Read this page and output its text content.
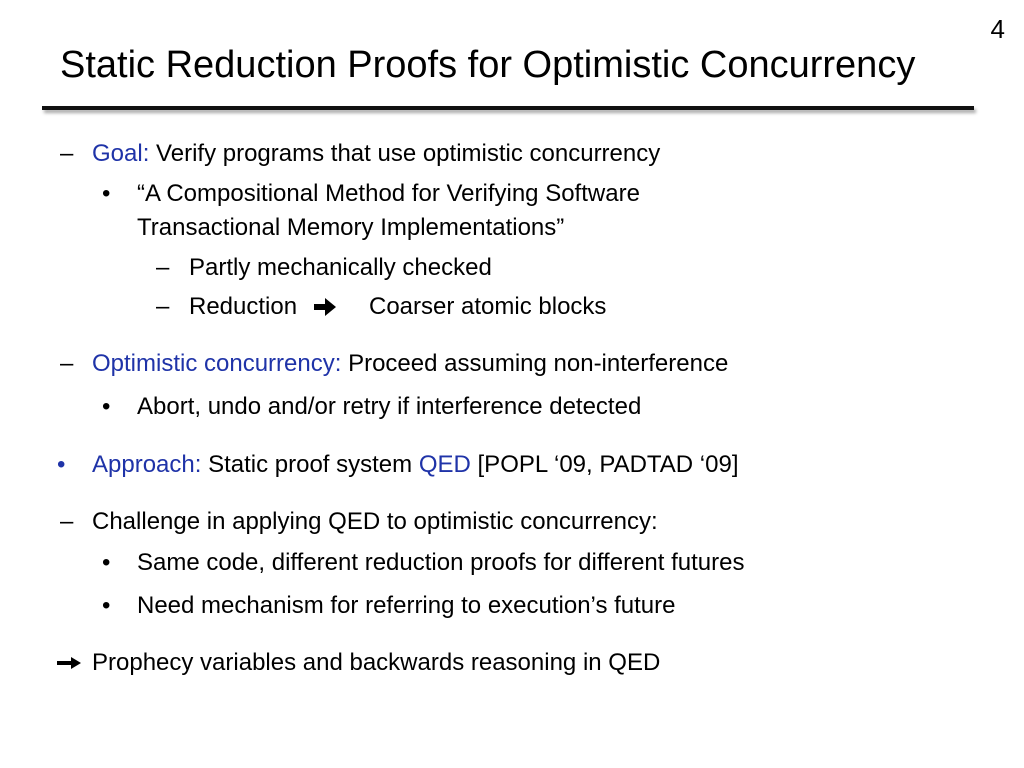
4
Static Reduction Proofs for Optimistic Concurrency
– Goal: Verify programs that use optimistic concurrency
• “A Compositional Method for Verifying Software
Transactional Memory Implementations”
– Partly mechanically checked
– Reduction	Coarser atomic blocks
– Optimistic concurrency: Proceed assuming non-interference
• Abort, undo and/or retry if interference detected
• Approach: Static proof system QED [POPL ‘09, PADTAD ‘09]
– Challenge in applying QED to optimistic concurrency:
• Same code, different reduction proofs for different futures
• Need mechanism for referring to execution’s future
Prophecy variables and backwards reasoning in QED
